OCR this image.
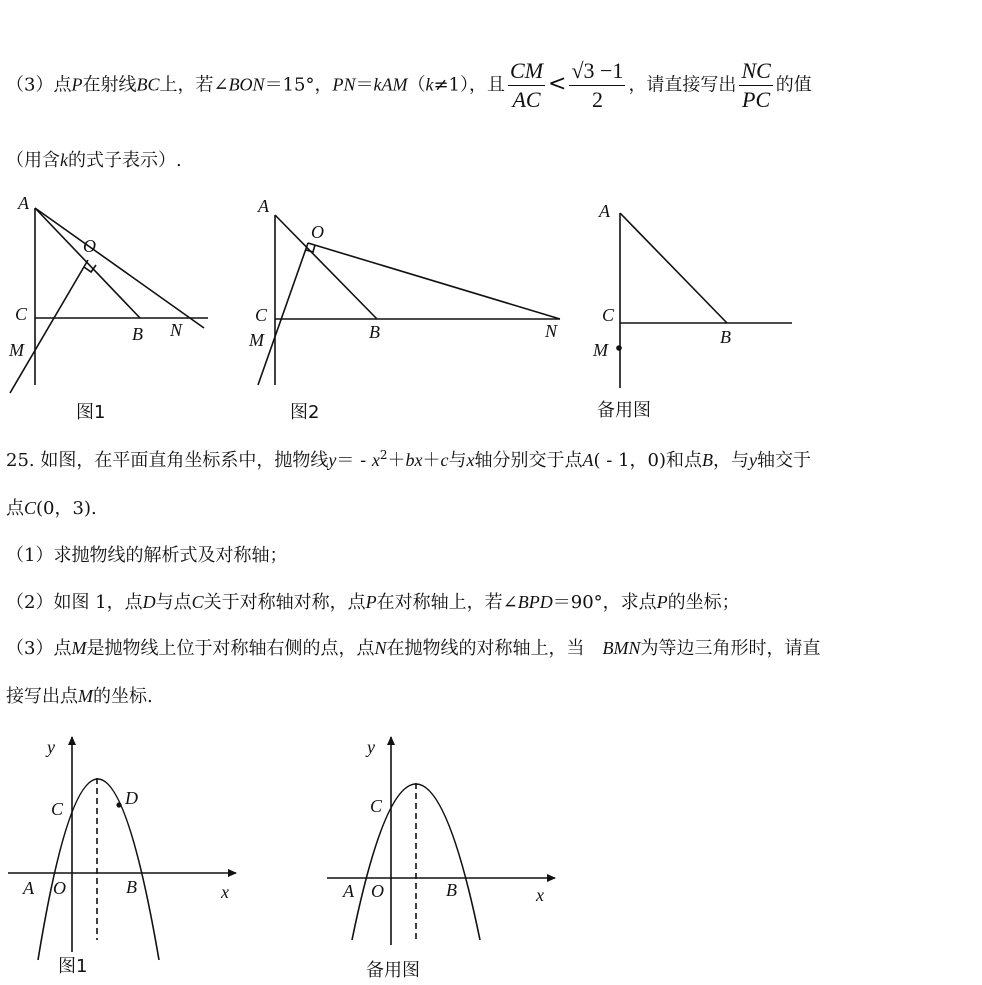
（3）点P在射线BC上，若∠BON＝15°，PN＝kAM（k≠1），且 $\frac{CM}{AC} < \frac{√3 -1}{2}$ ，请直接写出 $\frac{NC}{PC}$ 的值
（用含k的式子表示）.
A
O
C
B N
M
图1
A
O
C
B	N
M
图2
A
C
B
M
备用图
25. 如图，在平面直角坐标系中，抛物线$y= - x^2+bx+c$与x轴分别交于点A( - 1，0)和点B，与y轴交于
点C(0，3).
（1）求抛物线的解析式及对称轴；
（2）如图 1，点D与点C关于对称轴对称，点P在对称轴上，若∠BPD＝90°，求点P的坐标；
（3）点M是抛物线上位于对称轴右侧的点，点N在抛物线的对称轴上，当 BMN为等边三角形时，请直
接写出点M的坐标.
y
x
C
D
A O	B
图1
y
x
C
A O	B
备用图
